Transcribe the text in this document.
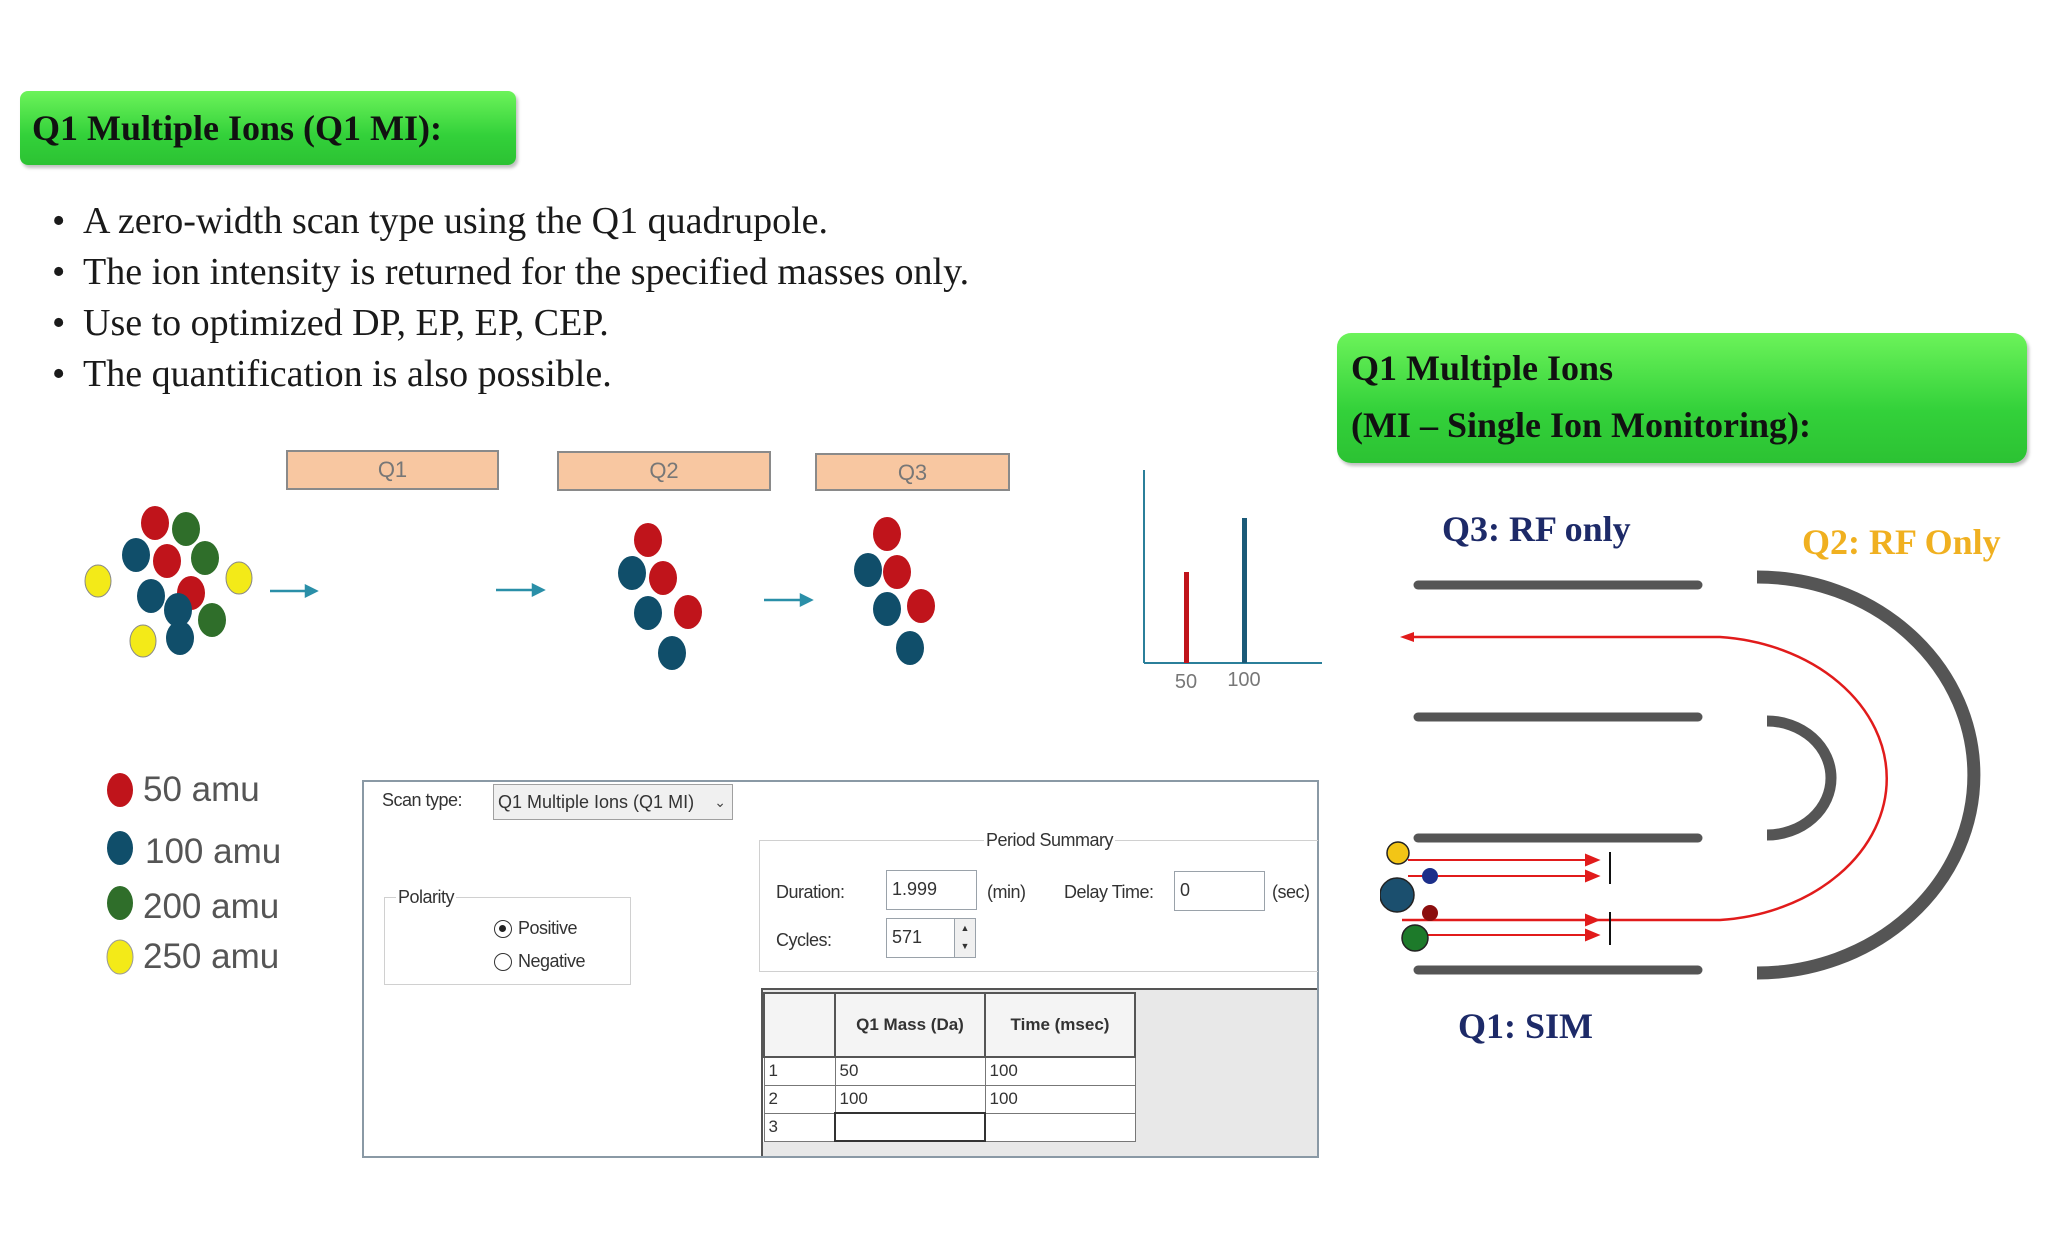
Q1 Multiple Ions (Q1 MI):
• A zero-width scan type using the Q1 quadrupole.
• The ion intensity is returned for the specified masses only.
• Use to optimized DP, EP, EP, CEP.
• The quantification is also possible.	Q1 Multiple Ions
(MI – Single Ion Monitoring):
Q1	Q2	Q3
50 100
50 amu
100 amu
200 amu
250 amu
Scan type: Q1 Multiple Ions (Q1 MI) ⌄
Polarity
Positive
Negative
Period Summary
Duration:	1.999	(min) Delay Time:	0	(sec)
Cycles:	571	▲
▼
	Q1 Mass (Da)	Time (msec)
1	50	100
2	100	100
3		
Q3: RF only	Q2: RF Only
Q1: SIM
